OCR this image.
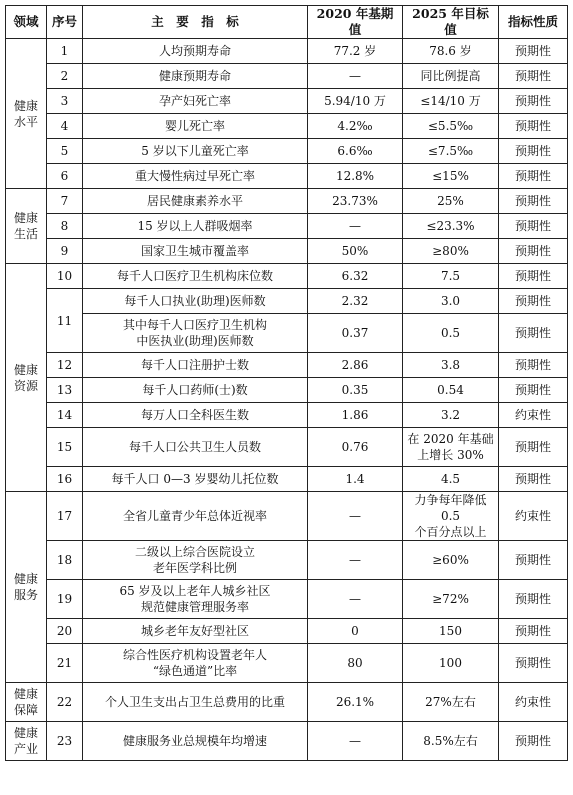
领域	序号	主　要　指　标	2020 年基期值	2025 年目标值	指标性质
健康
水平	1	人均预期寿命	77.2 岁	78.6 岁	预期性
	2	健康预期寿命	—	同比例提高	预期性
	3	孕产妇死亡率	5.94/10 万	≤14/10 万	预期性
	4	婴儿死亡率	4.2‰	≤5.5‰	预期性
	5	5 岁以下儿童死亡率	6.6‰	≤7.5‰	预期性
	6	重大慢性病过早死亡率	12.8%	≤15%	预期性
健康
生活	7	居民健康素养水平	23.73%	25%	预期性
	8	15 岁以上人群吸烟率	—	≤23.3%	预期性
	9	国家卫生城市覆盖率	50%	≥80%	预期性
健康
资源	10	每千人口医疗卫生机构床位数	6.32	7.5	预期性
	11	每千人口执业(助理)医师数	2.32	3.0	预期性
		其中每千人口医疗卫生机构
中医执业(助理)医师数	0.37	0.5	预期性
	12	每千人口注册护士数	2.86	3.8	预期性
	13	每千人口药师(士)数	0.35	0.54	预期性
	14	每万人口全科医生数	1.86	3.2	约束性
	15	每千人口公共卫生人员数	0.76	在 2020 年基础
上增长 30%	预期性
	16	每千人口 0—3 岁婴幼儿托位数	1.4	4.5	预期性
健康
服务	17	全省儿童青少年总体近视率	—	力争每年降低 0.5
个百分点以上	约束性
	18	二级以上综合医院设立
老年医学科比例	—	≥60%	预期性
	19	65 岁及以上老年人城乡社区
规范健康管理服务率	—	≥72%	预期性
	20	城乡老年友好型社区	0	150	预期性
	21	综合性医疗机构设置老年人
“绿色通道”比率	80	100	预期性
健康
保障	22	个人卫生支出占卫生总费用的比重	26.1%	27%左右	约束性
健康
产业	23	健康服务业总规模年均增速	—	8.5%左右	预期性
